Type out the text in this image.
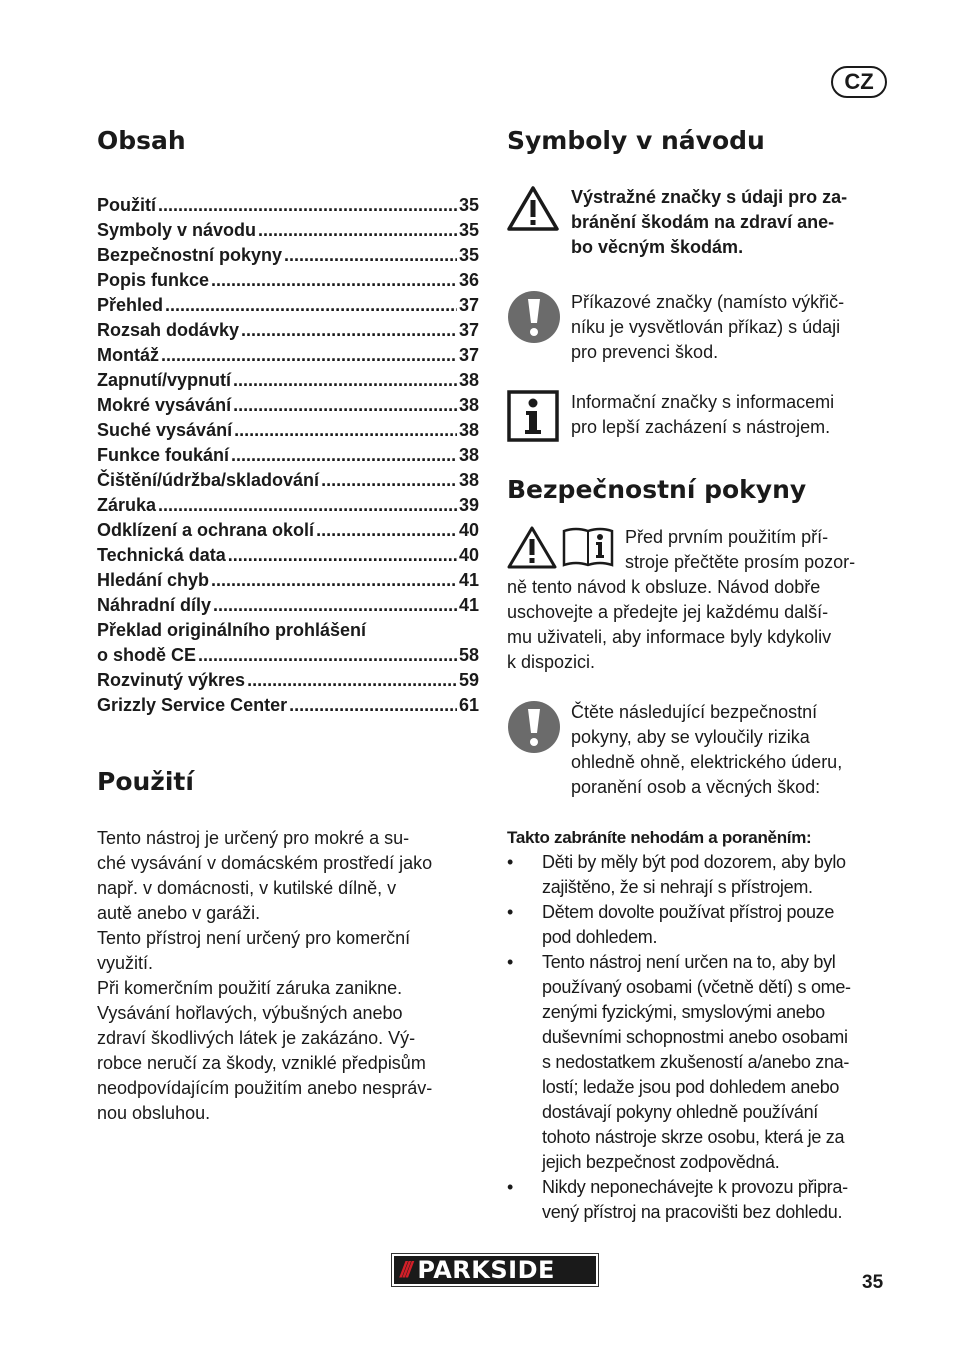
CZ
Obsah
Použití .....	35
Symboly v návodu .....	35
Bezpečnostní pokyny .....	35
Popis funkce .....	36
Přehled .....	37
Rozsah dodávky .....	37
Montáž .....	37
Zapnutí/vypnutí .....	38
Mokré vysávání .....	38
Suché vysávání .....	38
Funkce foukání .....	38
Čištění/údržba/skladování .....	38
Záruka .....	39
Odklízení a ochrana okolí .....	40
Technická data .....	40
Hledání chyb .....	41
Náhradní díly .....	41
Překlad originálního prohlášení
o shodě CE .....	58
Rozvinutý výkres .....	59
Grizzly Service Center .....	61
Použití

Tento nástroj je určený pro mokré a su-

ché vysávání v domácském prostředí jako

např. v domácnosti, v kutilské dílně, v

autě anebo v garáži.

Tento přístroj není určený pro komerční

využití.

Při komerčním použití záruka zanikne.

Vysávání hořlavých, výbušných anebo

zdraví škodlivých látek je zakázáno. Vý-

robce neručí za škody, vzniklé předpisům

neodpovídajícím použitím anebo nespráv-

nou obsluhou.

Symboly v návodu
Výstražné značky s údaji pro za-
bránění škodám na zdraví ane-
bo věcným škodám.
Příkazové značky (namísto výkřič-
níku je vysvětlován příkaz) s údaji
pro prevenci škod.
Informační značky s informacemi
pro lepší zacházení s nástrojem.
Bezpečnostní pokyny
Před prvním použitím pří-
stroje přečtěte prosím pozor-
ně tento návod k obsluze. Návod dobře
uschovejte a předejte jej každému další-
mu uživateli, aby informace byly kdykoliv
k dispozici.
Čtěte následující bezpečnostní
pokyny, aby se vyloučily rizika
ohledně ohně, elektrického úderu,
poranění osob a věcných škod:
Takto zabráníte nehodám a poraněním:
• Děti by měly být pod dozorem, aby bylo
zajištěno, že si nehrají s přístrojem.
• Dětem dovolte používat přístroj pouze
pod dohledem.
• Tento nástroj není určen na to, aby byl
používaný osobami (včetně dětí) s ome-
zenými fyzickými, smyslovými anebo
duševními schopnostmi anebo osobami
s nedostatkem zkušeností a/anebo zna-
lostí; ledaže jsou pod dohledem anebo
dostávají pokyny ohledně používání
tohoto nástroje skrze osobu, která je za
jejich bezpečnost zodpovědná.
• Nikdy neponechávejte k provozu připra-
vený přístroj na pracovišti bez dohledu.
/// PARKSIDE	35
